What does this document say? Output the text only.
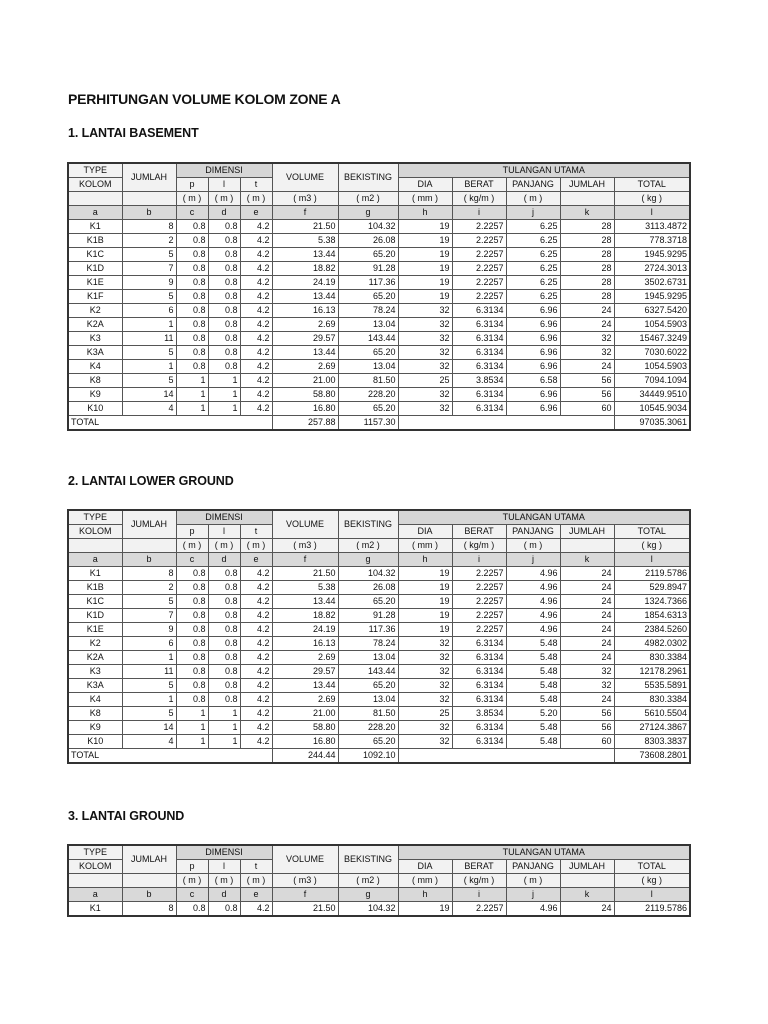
PERHITUNGAN VOLUME KOLOM ZONE A
1. LANTAI BASEMENT
TYPE	JUMLAH	DIMENSI			VOLUME	BEKISTING	TULANGAN UTAMA				
KOLOM		p	l	t			DIA	BERAT	PANJANG	JUMLAH	TOTAL
		( m )	( m )	( m )	( m3 )	( m2 )	( mm )	( kg/m )	( m )		( kg )
a	b	c	d	e	f	g	h	i	j	k	l
K1	8	0.8	0.8	4.2	21.50	104.32	19	2.2257	6.25	28	3113.4872
K1B	2	0.8	0.8	4.2	5.38	26.08	19	2.2257	6.25	28	778.3718
K1C	5	0.8	0.8	4.2	13.44	65.20	19	2.2257	6.25	28	1945.9295
K1D	7	0.8	0.8	4.2	18.82	91.28	19	2.2257	6.25	28	2724.3013
K1E	9	0.8	0.8	4.2	24.19	117.36	19	2.2257	6.25	28	3502.6731
K1F	5	0.8	0.8	4.2	13.44	65.20	19	2.2257	6.25	28	1945.9295
K2	6	0.8	0.8	4.2	16.13	78.24	32	6.3134	6.96	24	6327.5420
K2A	1	0.8	0.8	4.2	2.69	13.04	32	6.3134	6.96	24	1054.5903
K3	11	0.8	0.8	4.2	29.57	143.44	32	6.3134	6.96	32	15467.3249
K3A	5	0.8	0.8	4.2	13.44	65.20	32	6.3134	6.96	32	7030.6022
K4	1	0.8	0.8	4.2	2.69	13.04	32	6.3134	6.96	24	1054.5903
K8	5	1	1	4.2	21.00	81.50	25	3.8534	6.58	56	7094.1094
K9	14	1	1	4.2	58.80	228.20	32	6.3134	6.96	56	34449.9510
K10	4	1	1	4.2	16.80	65.20	32	6.3134	6.96	60	10545.9034
TOTAL					257.88	1157.30					97035.3061
2. LANTAI LOWER GROUND
TYPE	JUMLAH	DIMENSI			VOLUME	BEKISTING	TULANGAN UTAMA				
KOLOM		p	l	t			DIA	BERAT	PANJANG	JUMLAH	TOTAL
		( m )	( m )	( m )	( m3 )	( m2 )	( mm )	( kg/m )	( m )		( kg )
a	b	c	d	e	f	g	h	i	j	k	l
K1	8	0.8	0.8	4.2	21.50	104.32	19	2.2257	4.96	24	2119.5786
K1B	2	0.8	0.8	4.2	5.38	26.08	19	2.2257	4.96	24	529.8947
K1C	5	0.8	0.8	4.2	13.44	65.20	19	2.2257	4.96	24	1324.7366
K1D	7	0.8	0.8	4.2	18.82	91.28	19	2.2257	4.96	24	1854.6313
K1E	9	0.8	0.8	4.2	24.19	117.36	19	2.2257	4.96	24	2384.5260
K2	6	0.8	0.8	4.2	16.13	78.24	32	6.3134	5.48	24	4982.0302
K2A	1	0.8	0.8	4.2	2.69	13.04	32	6.3134	5.48	24	830.3384
K3	11	0.8	0.8	4.2	29.57	143.44	32	6.3134	5.48	32	12178.2961
K3A	5	0.8	0.8	4.2	13.44	65.20	32	6.3134	5.48	32	5535.5891
K4	1	0.8	0.8	4.2	2.69	13.04	32	6.3134	5.48	24	830.3384
K8	5	1	1	4.2	21.00	81.50	25	3.8534	5.20	56	5610.5504
K9	14	1	1	4.2	58.80	228.20	32	6.3134	5.48	56	27124.3867
K10	4	1	1	4.2	16.80	65.20	32	6.3134	5.48	60	8303.3837
TOTAL					244.44	1092.10					73608.2801
3. LANTAI GROUND
TYPE	JUMLAH	DIMENSI			VOLUME	BEKISTING	TULANGAN UTAMA				
KOLOM		p	l	t			DIA	BERAT	PANJANG	JUMLAH	TOTAL
		( m )	( m )	( m )	( m3 )	( m2 )	( mm )	( kg/m )	( m )		( kg )
a	b	c	d	e	f	g	h	i	j	k	l
K1	8	0.8	0.8	4.2	21.50	104.32	19	2.2257	4.96	24	2119.5786
